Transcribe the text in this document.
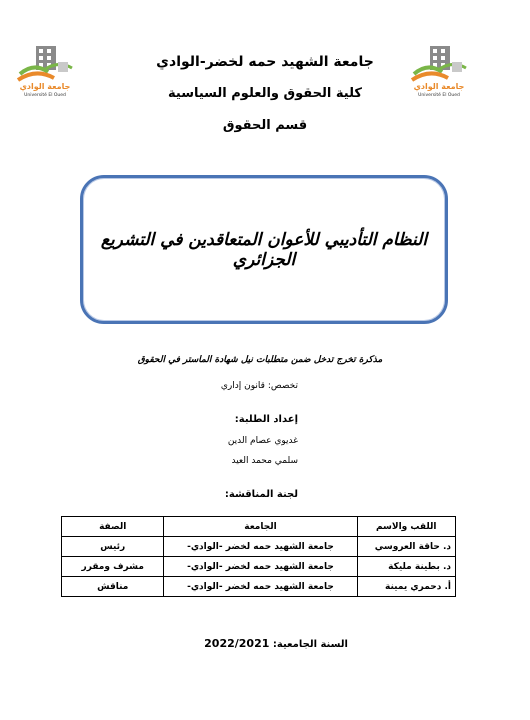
جامعة الوادي
Université El Oued
جامعة الوادي
Université El Oued
جامعة الشهيد حمه لخضر-الوادي
كلية الحقوق والعلوم السياسية
قسم الحقوق
النظام التأديبي للأعوان المتعاقدين في التشريع الجزائري
مذكرة تخرج تدخل ضمن متطلبات نيل شهادة الماستر في الحقوق
تخصص: قانون إداري
إعداد الطلبة:
غديوي عصام الدين
سلمي محمد العيد
لجنة المناقشة:
اللقب والاسم	الجامعة	الصفة
د. حاقة العروسي	جامعة الشهيد حمه لخضر -الوادي-	رئيس
د. بطينة مليكة	جامعة الشهيد حمه لخضر -الوادي-	مشرف ومقرر
أ. دحمري يمينة	جامعة الشهيد حمه لخضر -الوادي-	مناقش
السنة الجامعية: 2022/2021
